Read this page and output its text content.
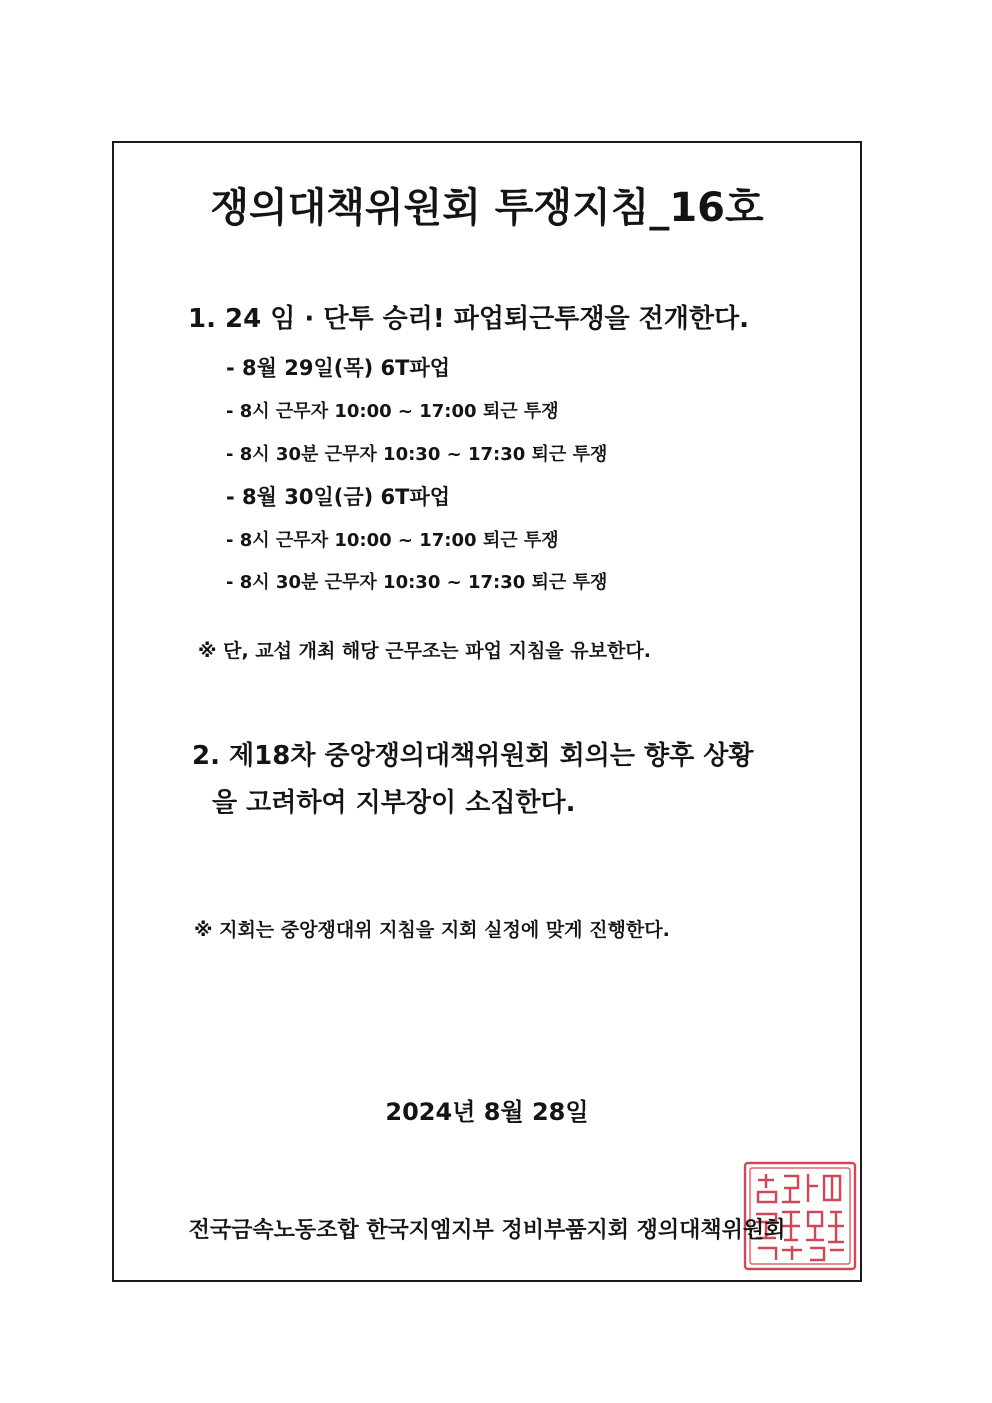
쟁의대책위원회 투쟁지침_16호
1. 24 임 · 단투 승리! 파업퇴근투쟁을 전개한다.
- 8월 29일(목) 6T파업
- 8시 근무자 10:00 ~ 17:00 퇴근 투쟁
- 8시 30분 근무자 10:30 ~ 17:30 퇴근 투쟁
- 8월 30일(금) 6T파업
- 8시 근무자 10:00 ~ 17:00 퇴근 투쟁
- 8시 30분 근무자 10:30 ~ 17:30 퇴근 투쟁
※ 단, 교섭 개최 해당 근무조는 파업 지침을 유보한다.
2. 제18차 중앙쟁의대책위원회 회의는 향후 상황
을 고려하여 지부장이 소집한다.
※ 지회는 중앙쟁대위 지침을 지회 실정에 맞게 진행한다.
2024년 8월 28일
전국금속노동조합 한국지엠지부 정비부품지회 쟁의대책위원회
